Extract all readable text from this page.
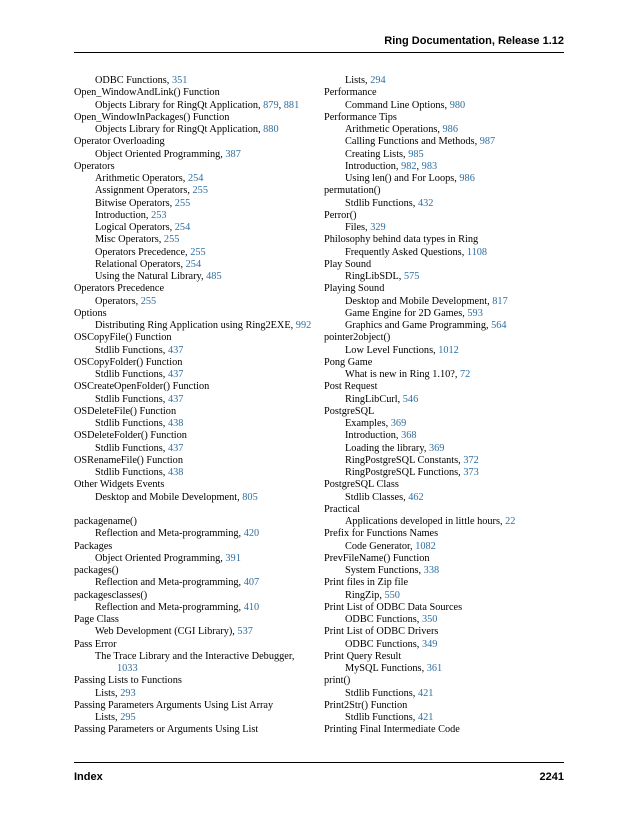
Ring Documentation, Release 1.12
ODBC Functions, 351
Open_WindowAndLink() Function
Objects Library for RingQt Application, 879, 881
Open_WindowInPackages() Function
Objects Library for RingQt Application, 880
Operator Overloading
Object Oriented Programming, 387
Operators
Arithmetic Operators, 254
Assignment Operators, 255
Bitwise Operators, 255
Introduction, 253
Logical Operators, 254
Misc Operators, 255
Operators Precedence, 255
Relational Operators, 254
Using the Natural Library, 485
Operators Precedence
Operators, 255
Options
Distributing Ring Application using Ring2EXE, 992
OSCopyFile() Function
Stdlib Functions, 437
OSCopyFolder() Function
Stdlib Functions, 437
OSCreateOpenFolder() Function
Stdlib Functions, 437
OSDeleteFile() Function
Stdlib Functions, 438
OSDeleteFolder() Function
Stdlib Functions, 437
OSRenameFile() Function
Stdlib Functions, 438
Other Widgets Events
Desktop and Mobile Development, 805
packagename()
Reflection and Meta-programming, 420
Packages
Object Oriented Programming, 391
packages()
Reflection and Meta-programming, 407
packagesclasses()
Reflection and Meta-programming, 410
Page Class
Web Development (CGI Library), 537
Pass Error
The Trace Library and the Interactive Debugger,
1033
Passing Lists to Functions
Lists, 293
Passing Parameters Arguments Using List Array
Lists, 295
Passing Parameters or Arguments Using List
Lists, 294
Performance
Command Line Options, 980
Performance Tips
Arithmetic Operations, 986
Calling Functions and Methods, 987
Creating Lists, 985
Introduction, 982, 983
Using len() and For Loops, 986
permutation()
Stdlib Functions, 432
Perror()
Files, 329
Philosophy behind data types in Ring
Frequently Asked Questions, 1108
Play Sound
RingLibSDL, 575
Playing Sound
Desktop and Mobile Development, 817
Game Engine for 2D Games, 593
Graphics and Game Programming, 564
pointer2object()
Low Level Functions, 1012
Pong Game
What is new in Ring 1.10?, 72
Post Request
RingLibCurl, 546
PostgreSQL
Examples, 369
Introduction, 368
Loading the library, 369
RingPostgreSQL Constants, 372
RingPostgreSQL Functions, 373
PostgreSQL Class
Stdlib Classes, 462
Practical
Applications developed in little hours, 22
Prefix for Functions Names
Code Generator, 1082
PrevFileName() Function
System Functions, 338
Print files in Zip file
RingZip, 550
Print List of ODBC Data Sources
ODBC Functions, 350
Print List of ODBC Drivers
ODBC Functions, 349
Print Query Result
MySQL Functions, 361
print()
Stdlib Functions, 421
Print2Str() Function
Stdlib Functions, 421
Printing Final Intermediate Code
Index	2241
